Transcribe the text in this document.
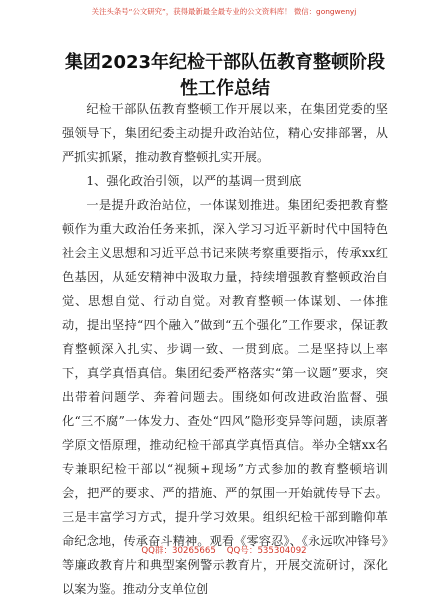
关注头条号“公文研究”，获得最新最全最专业的公文资料库！ 微信：gongwenyj
集团2023年纪检干部队伍教育整顿阶段性工作总结

纪检干部队伍教育整顿工作开展以来，在集团党委的坚强领导下，集团纪委主动提升政治站位，精心安排部署，从严抓实抓紧，推动教育整顿扎实开展。

1、强化政治引领，以严的基调一贯到底

一是提升政治站位，一体谋划推进。集团纪委把教育整顿作为重大政治任务来抓，深入学习习近平新时代中国特色社会主义思想和习近平总书记来陕考察重要指示，传承xx红色基因，从延安精神中汲取力量，持续增强教育整顿政治自觉、思想自觉、行动自觉。对教育整顿一体谋划、一体推动，提出坚持“四个融入”做到“五个强化”工作要求，保证教育整顿深入扎实、步调一致、一贯到底。二是坚持以上率下，真学真悟真信。集团纪委严格落实“第一议题”要求，突出带着问题学、奔着问题去。围绕如何改进政治监督、强化“三不腐”一体发力、查处“四风”隐形变异等问题，读原著学原文悟原理，推动纪检干部真学真悟真信。举办全辖xx名专兼职纪检干部以“视频+现场”方式参加的教育整顿培训会，把严的要求、严的措施、严的氛围一开始就传导下去。三是丰富学习方式，提升学习效果。组织纪检干部到瞻仰革命纪念地，传承奋斗精神。观看《零容忍》、《永远吹冲锋号》等廉政教育片和典型案例警示教育片，开展交流研讨，深化以案为鉴。推动分支单位创

QQ群：30265665    QQ号：535304092
